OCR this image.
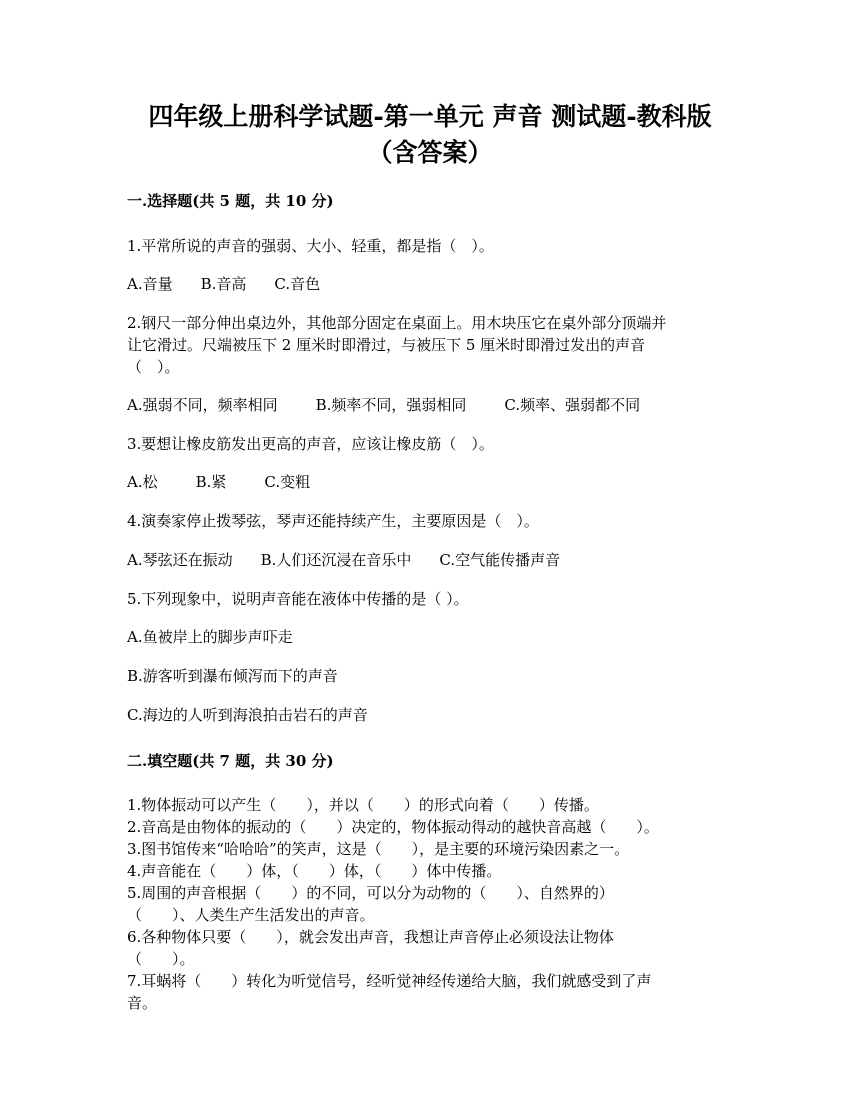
四年级上册科学试题-第一单元 声音 测试题-教科版
（含答案）
一.选择题(共 5 题，共 10 分)
1.平常所说的声音的强弱、大小、轻重，都是指（　）。
A.音量 B.音高 C.音色
2.钢尺一部分伸出桌边外，其他部分固定在桌面上。用木块压它在桌外部分顶端并
让它滑过。尺端被压下 2 厘米时即滑过，与被压下 5 厘米时即滑过发出的声音
（　）。
A.强弱不同，频率相同	B.频率不同，强弱相同	C.频率、强弱都不同
3.要想让橡皮筋发出更高的声音，应该让橡皮筋（　）。
A.松	B.紧	C.变粗
4.演奏家停止拨琴弦，琴声还能持续产生，主要原因是（　）。
A.琴弦还在振动 B.人们还沉浸在音乐中 C.空气能传播声音
5.下列现象中，说明声音能在液体中传播的是（ ）。
A.鱼被岸上的脚步声吓走
B.游客听到瀑布倾泻而下的声音
C.海边的人听到海浪拍击岩石的声音
二.填空题(共 7 题，共 30 分)
1.物体振动可以产生（　　），并以（　　）的形式向着（　　）传播。
2.音高是由物体的振动的（　　）决定的，物体振动得动的越快音高越（　　）。
3.图书馆传来“哈哈哈”的笑声，这是（　　），是主要的环境污染因素之一。
4.声音能在（　　）体，（　　）体，（　　）体中传播。
5.周围的声音根据（　　）的不同，可以分为动物的（　　）、自然界的）
（　　）、人类生产生活发出的声音。
6.各种物体只要（　　），就会发出声音，我想让声音停止必须设法让物体
（　　）。
7.耳蜗将（　　）转化为听觉信号，经听觉神经传递给大脑，我们就感受到了声
音。
